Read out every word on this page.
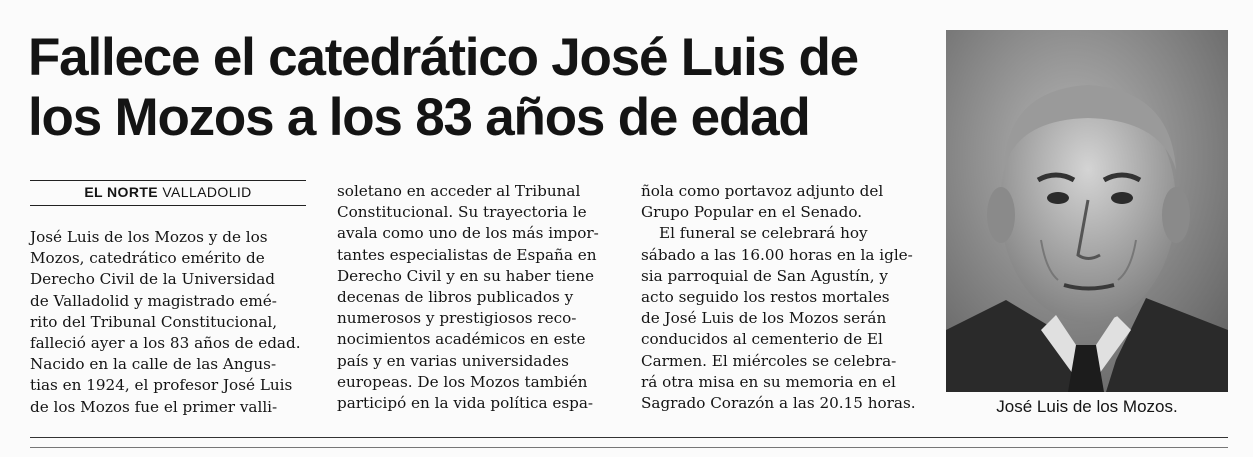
Fallece el catedrático José Luis de
los Mozos a los 83 años de edad
EL NORTE VALLADOLID
José Luis de los Mozos y de los
Mozos, catedrático emérito de
Derecho Civil de la Universidad
de Valladolid y magistrado emé-
rito del Tribunal Constitucional,
falleció ayer a los 83 años de edad.
Nacido en la calle de las Angus-
tias en 1924, el profesor José Luis
de los Mozos fue el primer valli-
soletano en acceder al Tribunal
Constitucional. Su trayectoria le
avala como uno de los más impor-
tantes especialistas de España en
Derecho Civil y en su haber tiene
decenas de libros publicados y
numerosos y prestigiosos reco-
nocimientos académicos en este
país y en varias universidades
europeas. De los Mozos también
participó en la vida política espa-
ñola como portavoz adjunto del
Grupo Popular en el Senado.
El funeral se celebrará hoy
sábado a las 16.00 horas en la igle-
sia parroquial de San Agustín, y
acto seguido los restos mortales
de José Luis de los Mozos serán
conducidos al cementerio de El
Carmen. El miércoles se celebra-
rá otra misa en su memoria en el
Sagrado Corazón a las 20.15 horas.	José Luis de los Mozos.
